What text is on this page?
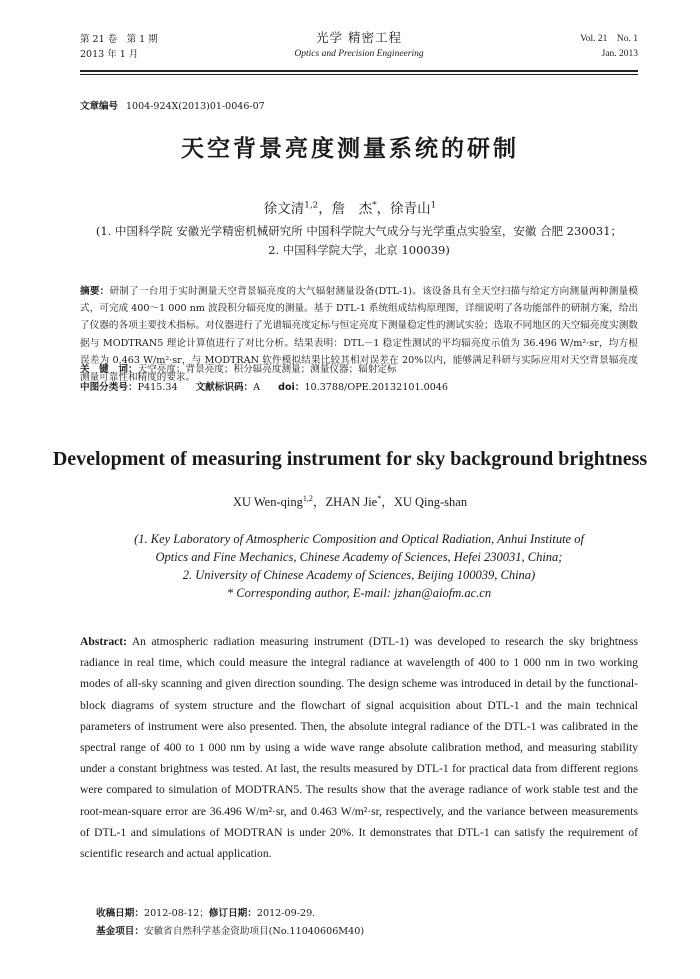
第 21 卷　第 1 期
2013 年 1 月
光学 精密工程
Optics and Precision Engineering
Vol. 21　No. 1
Jan. 2013
文章编号 1004-924X(2013)01-0046-07
天空背景亮度测量系统的研制
徐文清$^{1,2}$，詹　杰*，徐青山$^1$
(1. 中国科学院 安徽光学精密机械研究所 中国科学院大气成分与光学重点实验室，安徽 合肥 230031；
2. 中国科学院大学，北京 100039)
摘要：研制了一台用于实时测量天空背景辐亮度的大气辐射测量设备(DTL-1)。该设备具有全天空扫描与给定方向测量两种测量模式，可完成 400～1 000 nm 波段积分辐亮度的测量。基于 DTL-1 系统组成结构原理图，详细说明了各功能部件的研制方案，给出了仪器的各项主要技术指标。对仪器进行了光谱辐亮度定标与恒定亮度下测量稳定性的测试实验；选取不同地区的天空辐亮度实测数据与 MODTRAN5 理论计算值进行了对比分析。结果表明：DTL－1 稳定性测试的平均辐亮度示值为 36.496 W/m²·sr，均方根误差为 0.463 W/m²·sr，与 MODTRAN 软件模拟结果比较其相对误差在 20%以内，能够满足科研与实际应用对天空背景辐亮度测量可靠性和精度的要求。
关　键　词：天空亮度；背景亮度；积分辐亮度测量；测量仪器；辐射定标
中图分类号：P415.34 文献标识码：A doi：10.3788/OPE.20132101.0046
Development of measuring instrument for sky background brightness
XU Wen-qing$^{1,2}$，ZHAN Jie*，XU Qing-shan
(1. Key Laboratory of Atmospheric Composition and Optical Radiation, Anhui Institute of
Optics and Fine Mechanics, Chinese Academy of Sciences, Hefei 230031, China;
2. University of Chinese Academy of Sciences, Beijing 100039, China)
* Corresponding author, E-mail: jzhan@aiofm.ac.cn
Abstract: An atmospheric radiation measuring instrument (DTL-1) was developed to research the sky brightness radiance in real time, which could measure the integral radiance at wavelength of 400 to 1 000 nm in two working modes of all-sky scanning and given direction sounding. The design scheme was introduced in detail by the functional-block diagrams of system structure and the flowchart of signal acquisition about DTL-1 and the main technical parameters of instrument were also presented. Then, the absolute integral radiance of the DTL-1 was calibrated in the spectral range of 400 to 1 000 nm by using a wide wave range absolute calibration method, and measuring stability under a constant brightness was tested. At last, the results measured by DTL-1 for practical data from different regions were compared to simulation of MODTRAN5. The results show that the average radiance of work stable test and the root-mean-square error are 36.496 W/m²·sr, and 0.463 W/m²·sr, respectively, and the variance between measurements of DTL-1 and simulations of MODTRAN is under 20%. It demonstrates that DTL-1 can satisfy the requirement of scientific research and actual application.
收稿日期：2012-08-12；修订日期：2012-09-29.
基金项目：安徽省自然科学基金资助项目(No.11040606M40)
